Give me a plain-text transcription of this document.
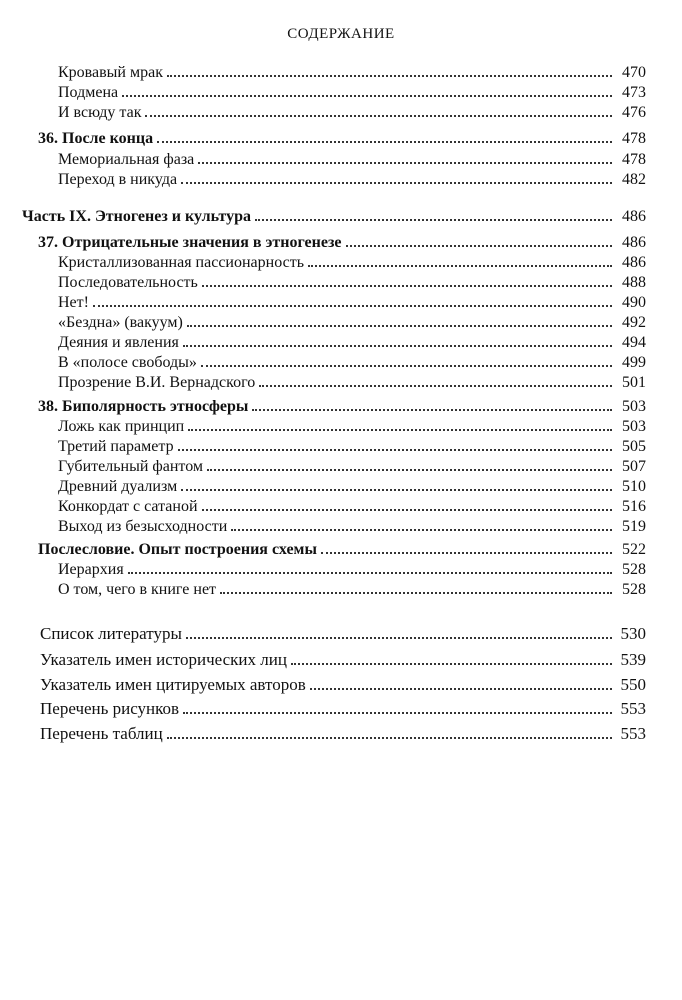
СОДЕРЖАНИЕ
Кровавый мрак	470
Подмена	473
И всюду так	476
36. После конца	478
Мемориальная фаза	478
Переход в никуда	482
Часть IX. Этногенез и культура	486
37. Отрицательные значения в этногенезе	486
Кристаллизованная пассионарность	486
Последовательность	488
Нет!	490
«Бездна» (вакуум)	492
Деяния и явления	494
В «полосе свободы»	499
Прозрение В.И. Вернадского	501
38. Биполярность этносферы	503
Ложь как принцип	503
Третий параметр	505
Губительный фантом	507
Древний дуализм	510
Конкордат с сатаной	516
Выход из безысходности	519
Послесловие. Опыт построения схемы	522
Иерархия	528
О том, чего в книге нет	528
Список литературы	530
Указатель имен исторических лиц	539
Указатель имен цитируемых авторов	550
Перечень рисунков	553
Перечень таблиц	553
